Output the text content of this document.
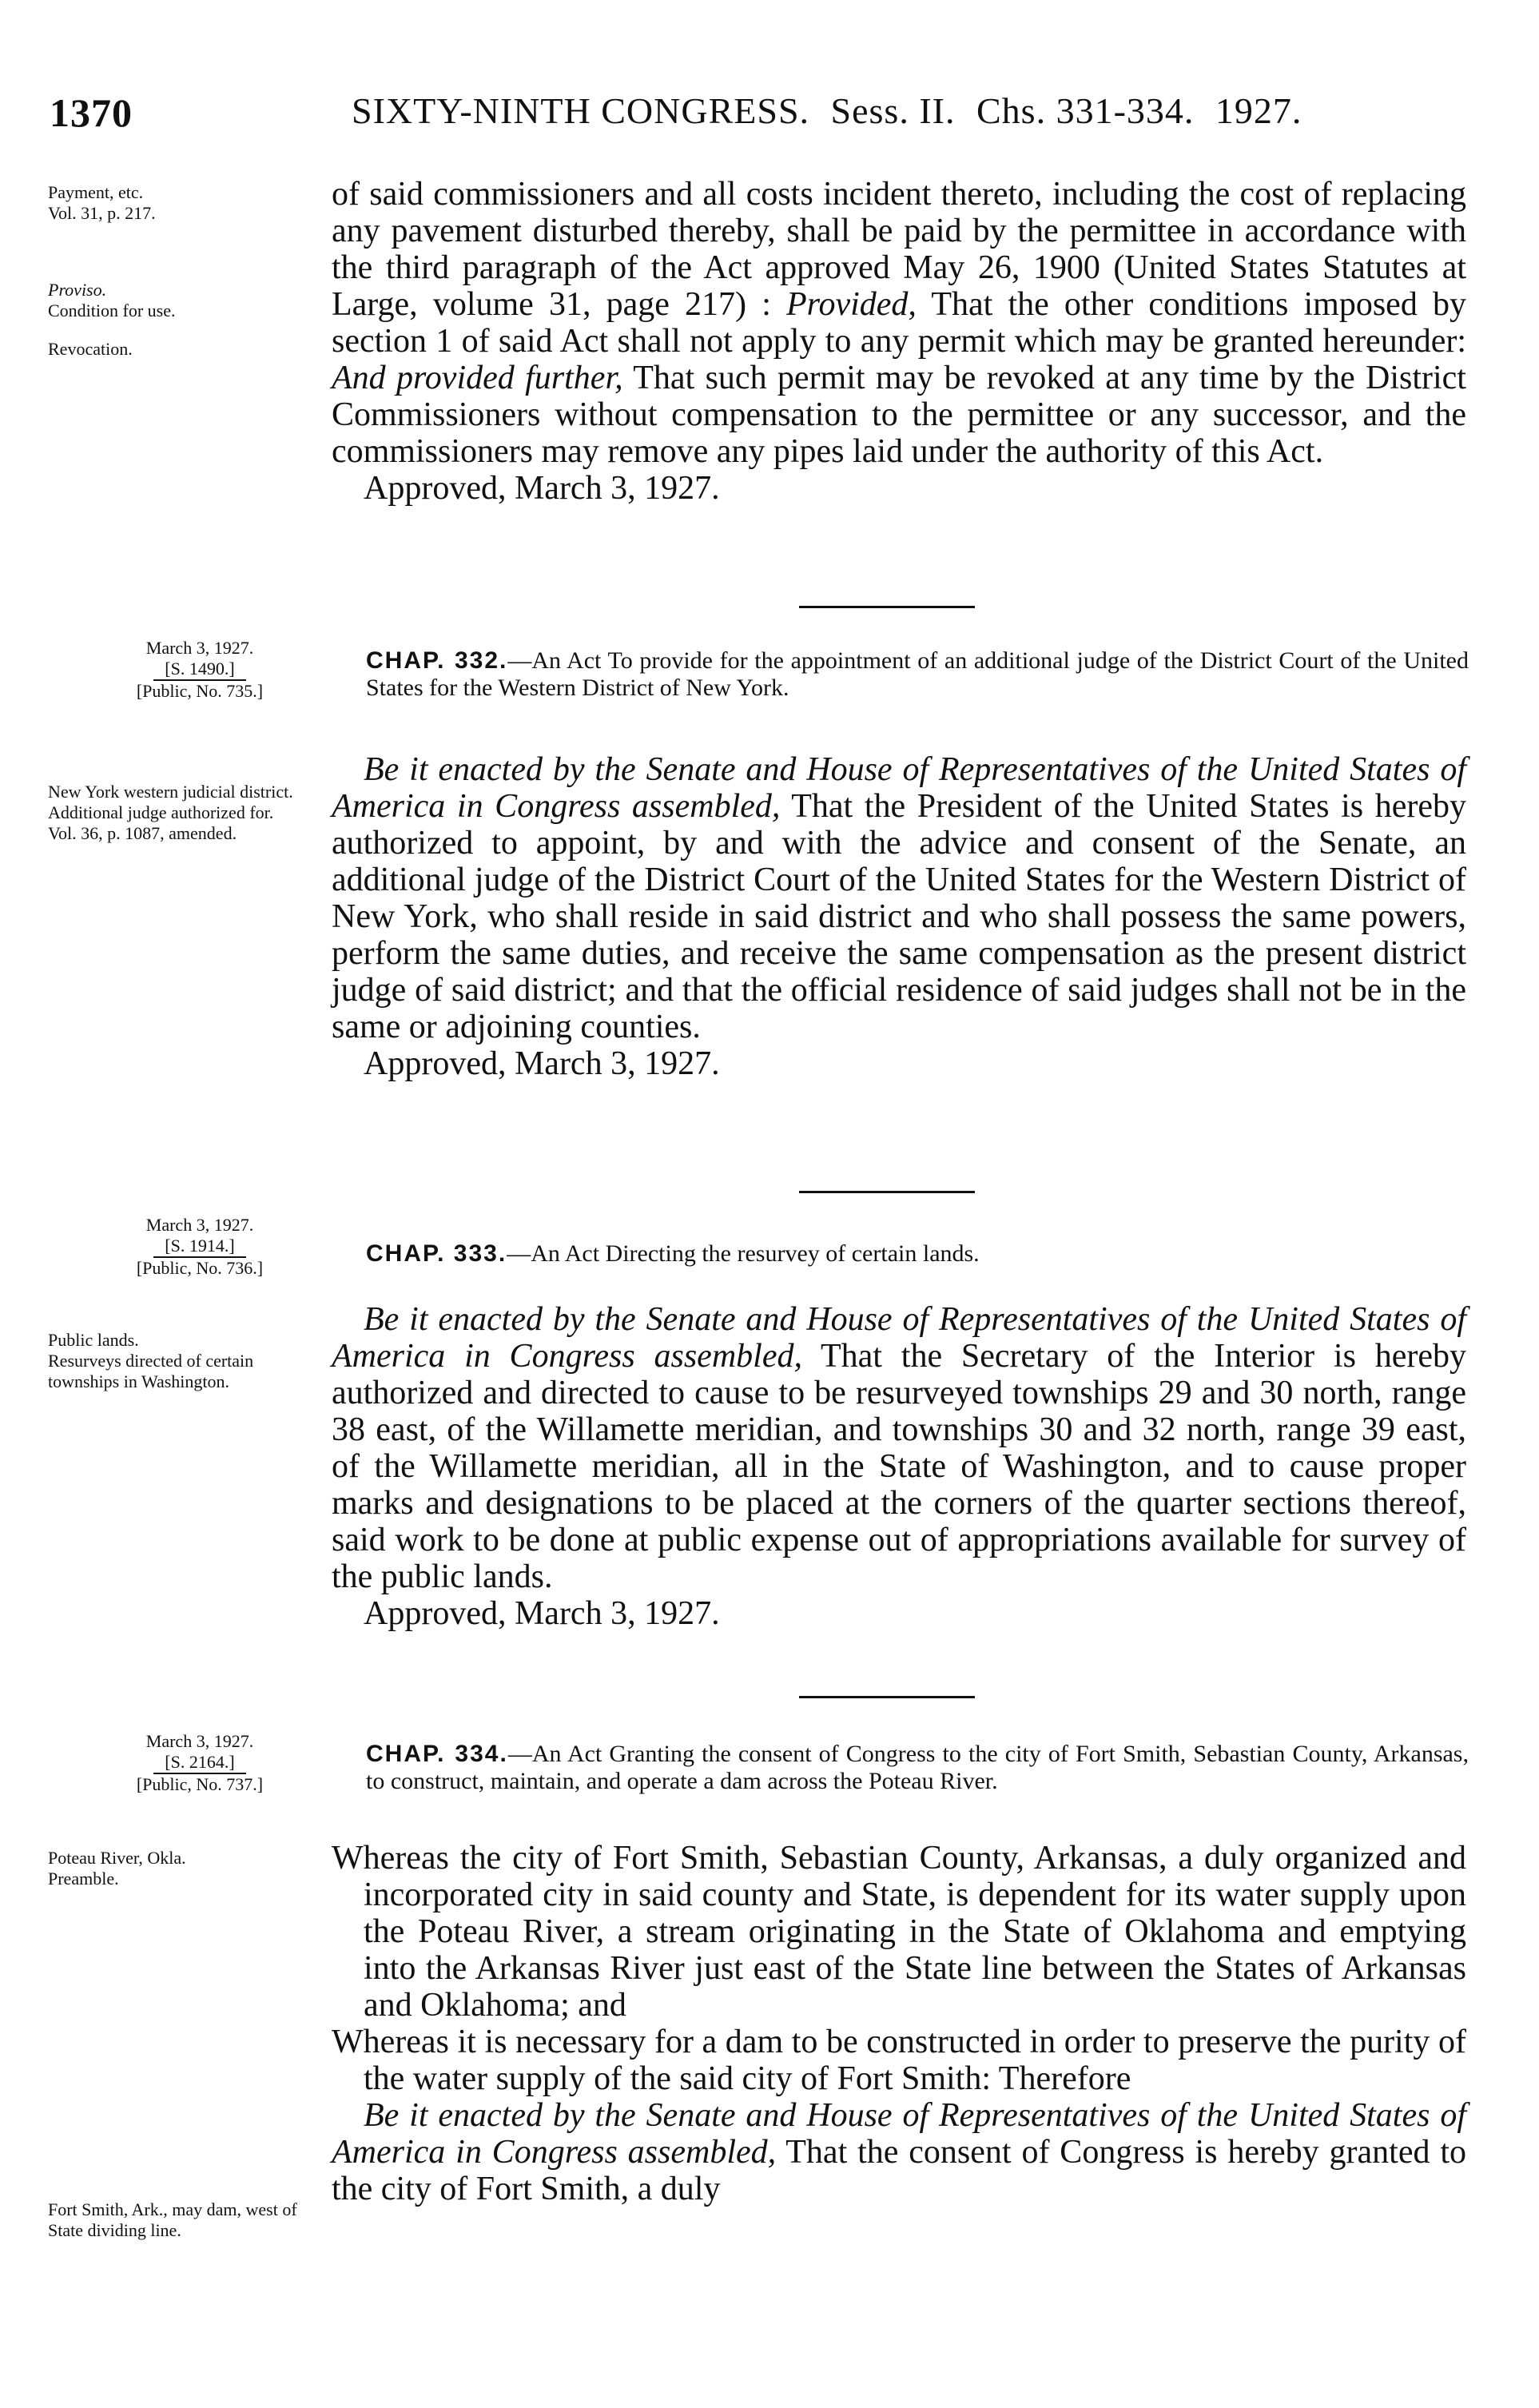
1370	SIXTY-NINTH CONGRESS. Sess. II. Chs. 331-334. 1927.

Payment, etc.

Vol. 31, p. 217.

Proviso.

Condition for use.

Revocation.

of said commissioners and all costs incident thereto, including the cost of replacing any pavement disturbed thereby, shall be paid by the permittee in accordance with the third paragraph of the Act approved May 26, 1900 (United States Statutes at Large, volume 31, page 217) : Provided, That the other conditions imposed by section 1 of said Act shall not apply to any permit which may be granted hereunder: And provided further, That such permit may be revoked at any time by the District Commissioners without compensation to the permittee or any successor, and the commissioners may remove any pipes laid under the authority of this Act.

Approved, March 3, 1927.

March 3, 1927.
[S. 1490.]
[Public, No. 735.]
CHAP. 332.—An Act To provide for the appointment of an additional judge of the District Court of the United States for the Western District of New York.

New York western judicial district.

Additional judge authorized for.

Vol. 36, p. 1087, amended.

Be it enacted by the Senate and House of Representatives of the United States of America in Congress assembled, That the President of the United States is hereby authorized to appoint, by and with the advice and consent of the Senate, an additional judge of the District Court of the United States for the Western District of New York, who shall reside in said district and who shall possess the same powers, perform the same duties, and receive the same compensation as the present district judge of said district; and that the official residence of said judges shall not be in the same or adjoining counties.

Approved, March 3, 1927.

March 3, 1927.
[S. 1914.]
[Public, No. 736.]
CHAP. 333.—An Act Directing the resurvey of certain lands.

Public lands.

Resurveys directed of certain townships in Washington.

Be it enacted by the Senate and House of Representatives of the United States of America in Congress assembled, That the Secretary of the Interior is hereby authorized and directed to cause to be resurveyed townships 29 and 30 north, range 38 east, of the Willamette meridian, and townships 30 and 32 north, range 39 east, of the Willamette meridian, all in the State of Washington, and to cause proper marks and designations to be placed at the corners of the quarter sections thereof, said work to be done at public expense out of appropriations available for survey of the public lands.

Approved, March 3, 1927.

March 3, 1927.
[S. 2164.]
[Public, No. 737.]
CHAP. 334.—An Act Granting the consent of Congress to the city of Fort Smith, Sebastian County, Arkansas, to construct, maintain, and operate a dam across the Poteau River.

Poteau River, Okla.

Preamble.

Fort Smith, Ark., may dam, west of State dividing line.

Whereas the city of Fort Smith, Sebastian County, Arkansas, a duly organized and incorporated city in said county and State, is dependent for its water supply upon the Poteau River, a stream originating in the State of Oklahoma and emptying into the Arkansas River just east of the State line between the States of Arkansas and Oklahoma; and

Whereas it is necessary for a dam to be constructed in order to preserve the purity of the water supply of the said city of Fort Smith: Therefore

Be it enacted by the Senate and House of Representatives of the United States of America in Congress assembled, That the consent of Congress is hereby granted to the city of Fort Smith, a duly
